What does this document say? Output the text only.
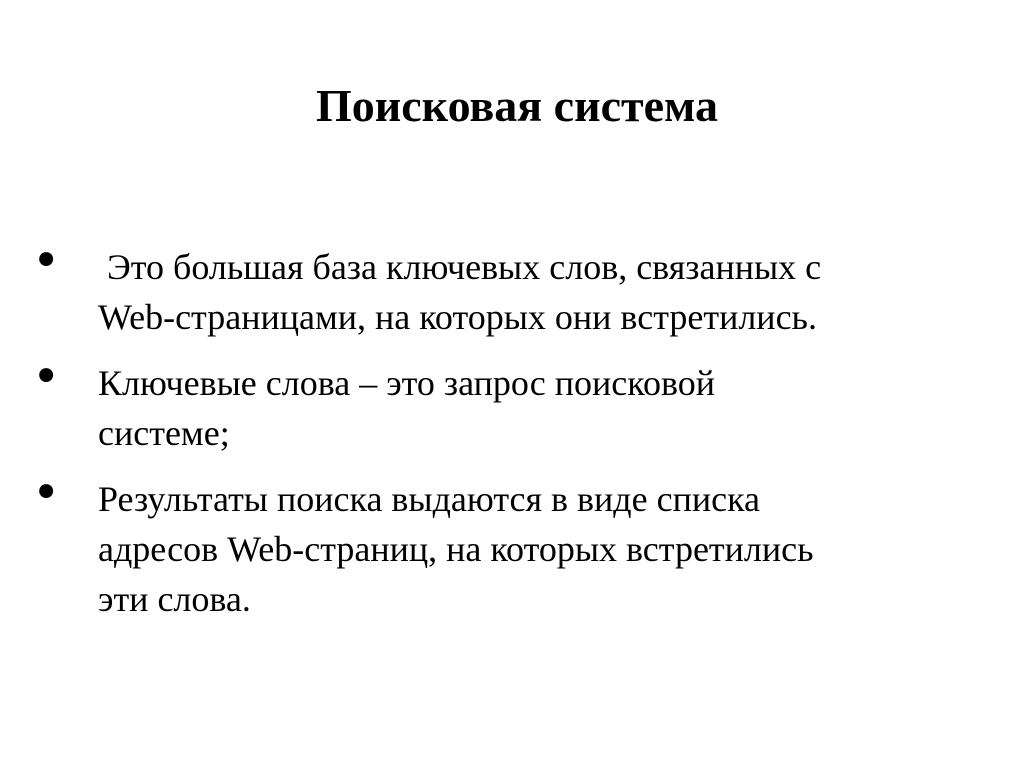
Поисковая система
• Это большая база ключевых слов, связанных с
Web-страницами, на которых они встретились.
• Ключевые слова – это запрос поисковой
системе;
• Результаты поиска выдаются в виде списка
адресов Web-страниц, на которых встретились
эти слова.
